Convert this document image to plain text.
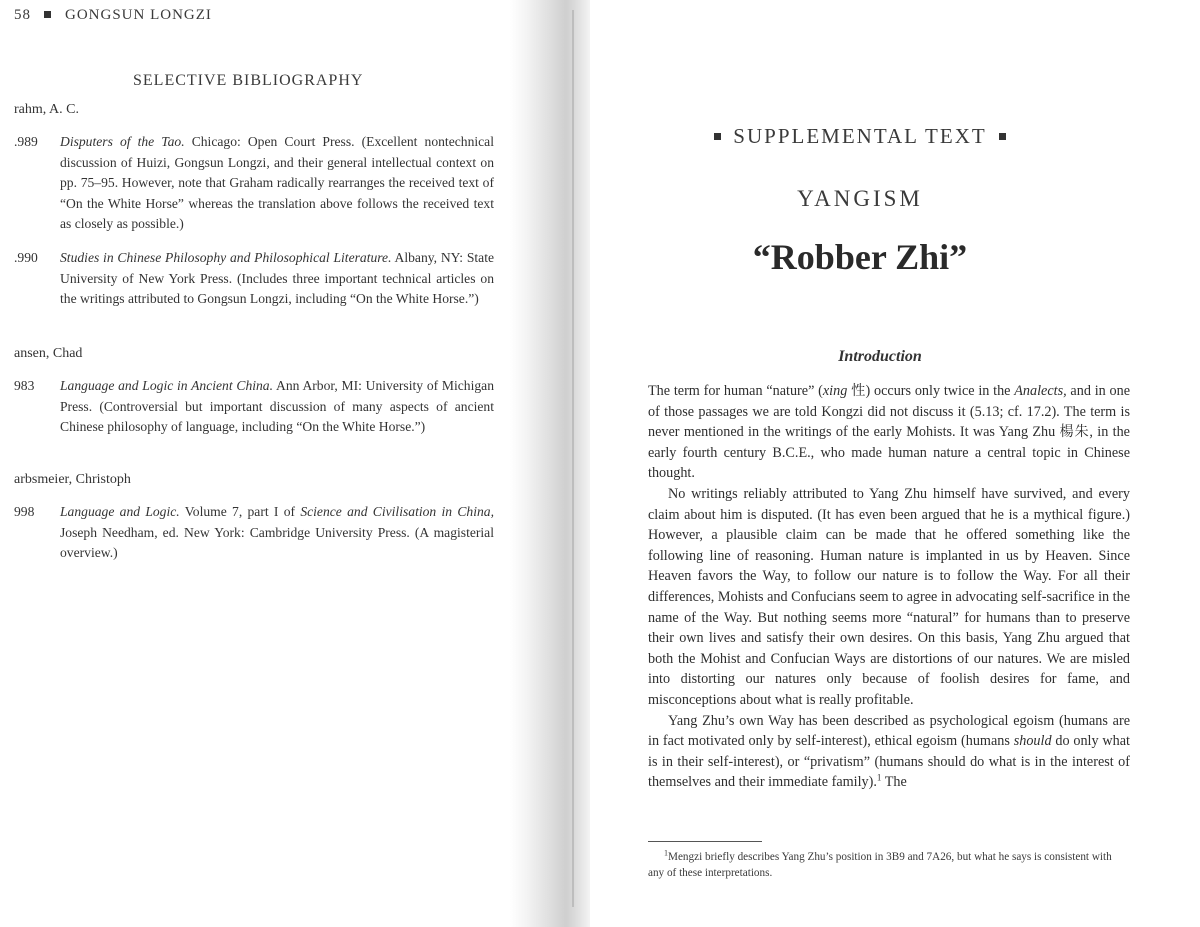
58 GONGSUN LONGZI
SELECTIVE BIBLIOGRAPHY
rahm, A. C.
.989 Disputers of the Tao. Chicago: Open Court Press. (Excellent nontechnical discussion of Huizi, Gongsun Longzi, and their general intellectual context on pp. 75–95. However, note that Graham radically rearranges the received text of “On the White Horse” whereas the translation above follows the received text as closely as possible.)
.990 Studies in Chinese Philosophy and Philosophical Literature. Albany, NY: State University of New York Press. (Includes three important technical articles on the writings attributed to Gongsun Longzi, including “On the White Horse.”)
ansen, Chad
983 Language and Logic in Ancient China. Ann Arbor, MI: University of Michigan Press. (Controversial but important discussion of many aspects of ancient Chinese philosophy of language, including “On the White Horse.”)
arbsmeier, Christoph
998 Language and Logic. Volume 7, part I of Science and Civilisation in China, Joseph Needham, ed. New York: Cambridge University Press. (A magisterial overview.)
SUPPLEMENTAL TEXT
YANGISM
“Robber Zhi”
Introduction

The term for human “nature” (xing 性) occurs only twice in the Analects, and in one of those passages we are told Kongzi did not discuss it (5.13; cf. 17.2). The term is never mentioned in the writings of the early Mohists. It was Yang Zhu 楊朱, in the early fourth century B.C.E., who made human nature a central topic in Chinese thought.

No writings reliably attributed to Yang Zhu himself have survived, and every claim about him is disputed. (It has even been argued that he is a mythical figure.) However, a plausible claim can be made that he offered something like the following line of reasoning. Human nature is implanted in us by Heaven. Since Heaven favors the Way, to follow our nature is to follow the Way. For all their differences, Mohists and Confucians seem to agree in advocating self-sacrifice in the name of the Way. But nothing seems more “natural” for humans than to preserve their own lives and satisfy their own desires. On this basis, Yang Zhu argued that both the Mohist and Confucian Ways are distortions of our natures. We are misled into distorting our natures only because of foolish desires for fame, and misconceptions about what is really profitable.

Yang Zhu’s own Way has been described as psychological egoism (humans are in fact motivated only by self-interest), ethical egoism (humans should do only what is in their self-interest), or “privatism” (humans should do what is in the interest of themselves and their immediate family).$^1$ The

$^1$Mengzi briefly describes Yang Zhu’s position in 3B9 and 7A26, but what he says is consistent with any of these interpretations.
